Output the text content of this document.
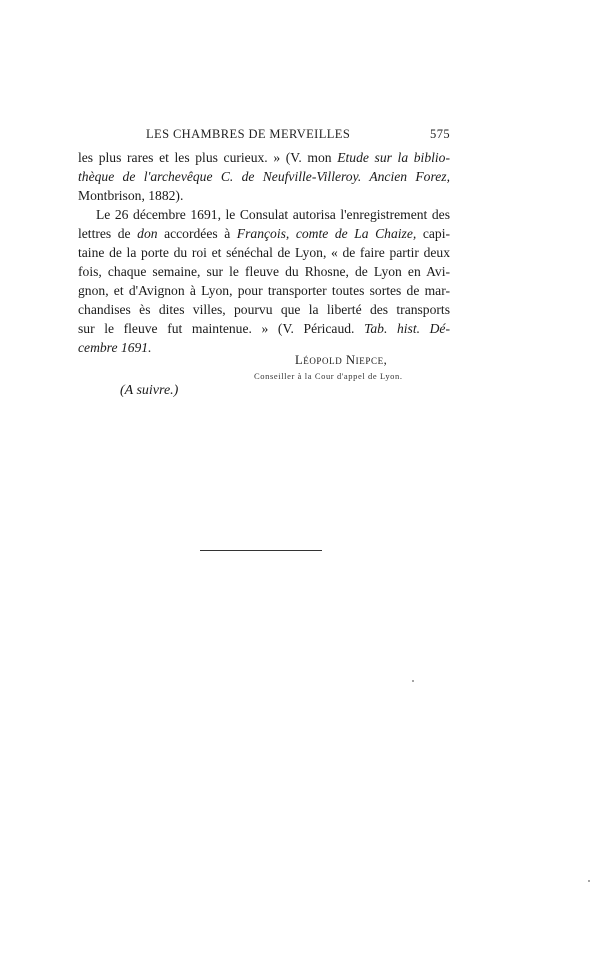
LES CHAMBRES DE MERVEILLES	575
les plus rares et les plus curieux. » (V. mon Etude sur la biblio-
thèque de l'archevêque C. de Neufville-Villeroy. Ancien Forez,
Montbrison, 1882).
Le 26 décembre 1691, le Consulat autorisa l'enregistrement des
lettres de don accordées à François, comte de La Chaize, capi-
taine de la porte du roi et sénéchal de Lyon, « de faire partir deux
fois, chaque semaine, sur le fleuve du Rhosne, de Lyon en Avi-
gnon, et d'Avignon à Lyon, pour transporter toutes sortes de mar-
chandises ès dites villes, pourvu que la liberté des transports
sur le fleuve fut maintenue. » (V. Péricaud. Tab. hist. Dé-
cembre 1691.
Léopold Niepce,
Conseiller à la Cour d'appel de Lyon.
(A suivre.)
